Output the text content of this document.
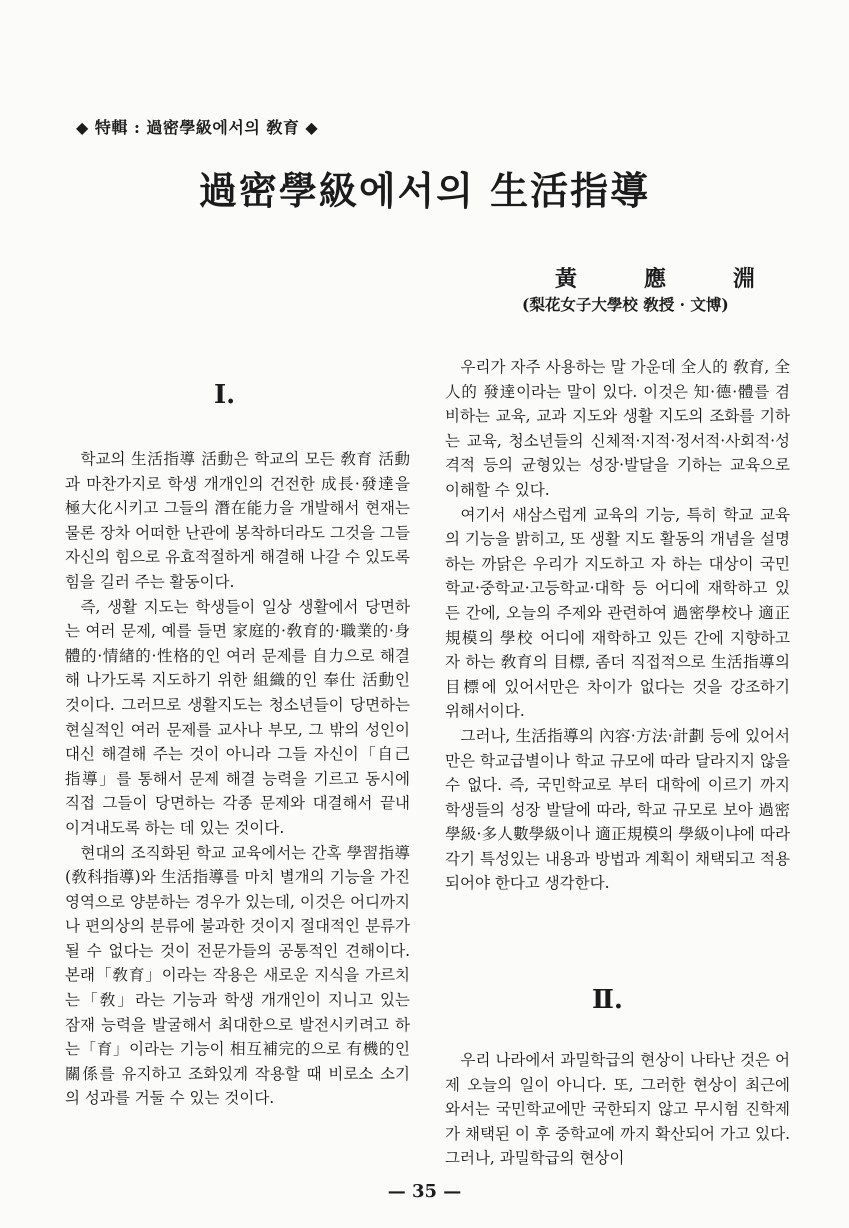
◆ 特輯 : 過密學級에서의 敎育 ◆
過密學級에서의 生活指導
黃	應	淵
(梨花女子大學校 敎授 · 文博)
I.

학교의 生活指導 活動은 학교의 모든 敎育 活動과 마찬가지로 학생 개개인의 건전한 成長·發達을 極大化시키고 그들의 潛在能力을 개발해서 현재는 물론 장차 어떠한 난관에 봉착하더라도 그것을 그들 자신의 힘으로 유효적절하게 해결해 나갈 수 있도록 힘을 길러 주는 활동이다.

즉, 생활 지도는 학생들이 일상 생활에서 당면하는 여러 문제, 예를 들면 家庭的·敎育的·職業的·身體的·情緖的·性格的인 여러 문제를 自力으로 해결해 나가도록 지도하기 위한 組織的인 奉仕 活動인 것이다. 그러므로 생활지도는 청소년들이 당면하는 현실적인 여러 문제를 교사나 부모, 그 밖의 성인이 대신 해결해 주는 것이 아니라 그들 자신이「自己指導」를 통해서 문제 해결 능력을 기르고 동시에 직접 그들이 당면하는 각종 문제와 대결해서 끝내 이겨내도록 하는 데 있는 것이다.

현대의 조직화된 학교 교육에서는 간혹 學習指導(敎科指導)와 生活指導를 마치 별개의 기능을 가진 영역으로 양분하는 경우가 있는데, 이것은 어디까지나 편의상의 분류에 불과한 것이지 절대적인 분류가 될 수 없다는 것이 전문가들의 공통적인 견해이다. 본래「敎育」이라는 작용은 새로운 지식을 가르치는「敎」라는 기능과 학생 개개인이 지니고 있는 잠재 능력을 발굴해서 최대한으로 발전시키려고 하는「育」이라는 기능이 相互補完的으로 有機的인 關係를 유지하고 조화있게 작용할 때 비로소 소기의 성과를 거둘 수 있는 것이다.

우리가 자주 사용하는 말 가운데 全人的 敎育, 全人的 發達이라는 말이 있다. 이것은 知·德·體를 겸비하는 교육, 교과 지도와 생활 지도의 조화를 기하는 교육, 청소년들의 신체적·지적·정서적·사회적·성격적 등의 균형있는 성장·발달을 기하는 교육으로 이해할 수 있다.

여기서 새삼스럽게 교육의 기능, 특히 학교 교육의 기능을 밝히고, 또 생활 지도 활동의 개념을 설명하는 까닭은 우리가 지도하고 자 하는 대상이 국민학교·중학교·고등학교·대학 등 어디에 재학하고 있든 간에, 오늘의 주제와 관련하여 過密學校나 適正規模의 學校 어디에 재학하고 있든 간에 지향하고자 하는 敎育의 目標, 좀더 직접적으로 生活指導의 目標에 있어서만은 차이가 없다는 것을 강조하기 위해서이다.

그러나, 生活指導의 內容·方法·計劃 등에 있어서만은 학교급별이나 학교 규모에 따라 달라지지 않을 수 없다. 즉, 국민학교로 부터 대학에 이르기 까지 학생들의 성장 발달에 따라, 학교 규모로 보아 過密學級·多人數學級이나 適正規模의 學級이냐에 따라 각기 특성있는 내용과 방법과 계획이 채택되고 적용되어야 한다고 생각한다.

Ⅱ.

우리 나라에서 과밀학급의 현상이 나타난 것은 어제 오늘의 일이 아니다. 또, 그러한 현상이 최근에 와서는 국민학교에만 국한되지 않고 무시험 진학제가 채택된 이 후 중학교에 까지 확산되어 가고 있다. 그러나, 과밀학급의 현상이

— 35 —
